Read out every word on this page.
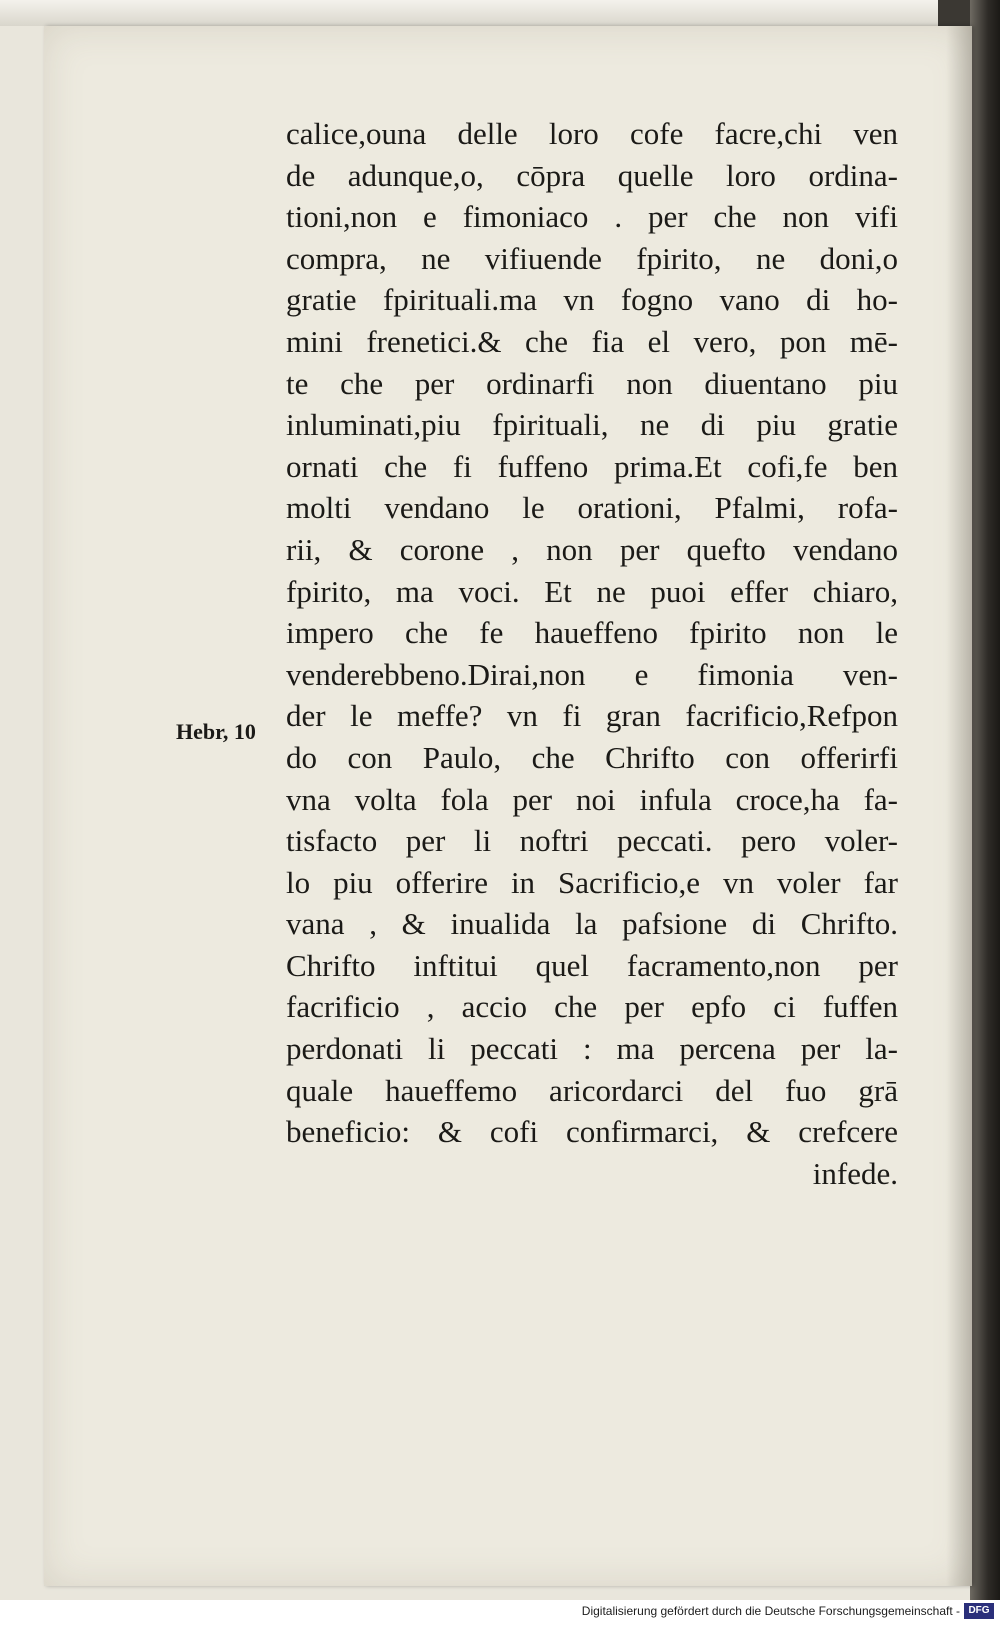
Hebr, 10
calice,ouna delle loro cofe facre,chi ven
de adunque,o, cōpra quelle loro ordina-
tioni,non e fimoniaco . per che non vifi
compra, ne vifiuende fpirito, ne doni,o
gratie fpirituali.ma vn fogno vano di ho-
mini frenetici.& che fia el vero, pon mē-
te che per ordinarfi non diuentano piu
inluminati,piu fpirituali, ne di piu gratie
ornati che fi fuffeno prima.Et cofi,fe ben
molti vendano le orationi, Pfalmi, rofa-
rii, & corone , non per quefto vendano
fpirito, ma voci. Et ne puoi effer chiaro,
impero che fe haueffeno fpirito non le
venderebbeno.Dirai,non e fimonia ven-
der le meffe? vn fi gran facrificio,Refpon
do con Paulo, che Chrifto con offerirfi
vna volta fola per noi infula croce,ha fa-
tisfacto per li noftri peccati. pero voler-
lo piu offerire in Sacrificio,e vn voler far
vana , & inualida la pafsione di Chrifto.
Chrifto inftitui quel facramento,non per
facrificio , accio che per epfo ci fuffen
perdonati li peccati : ma percena per la-
quale haueffemo aricordarci del fuo grā
beneficio: & cofi confirmarci, & crefcere
infede.
Digitalisierung gefördert durch die Deutsche Forschungsgemeinschaft - DFG
